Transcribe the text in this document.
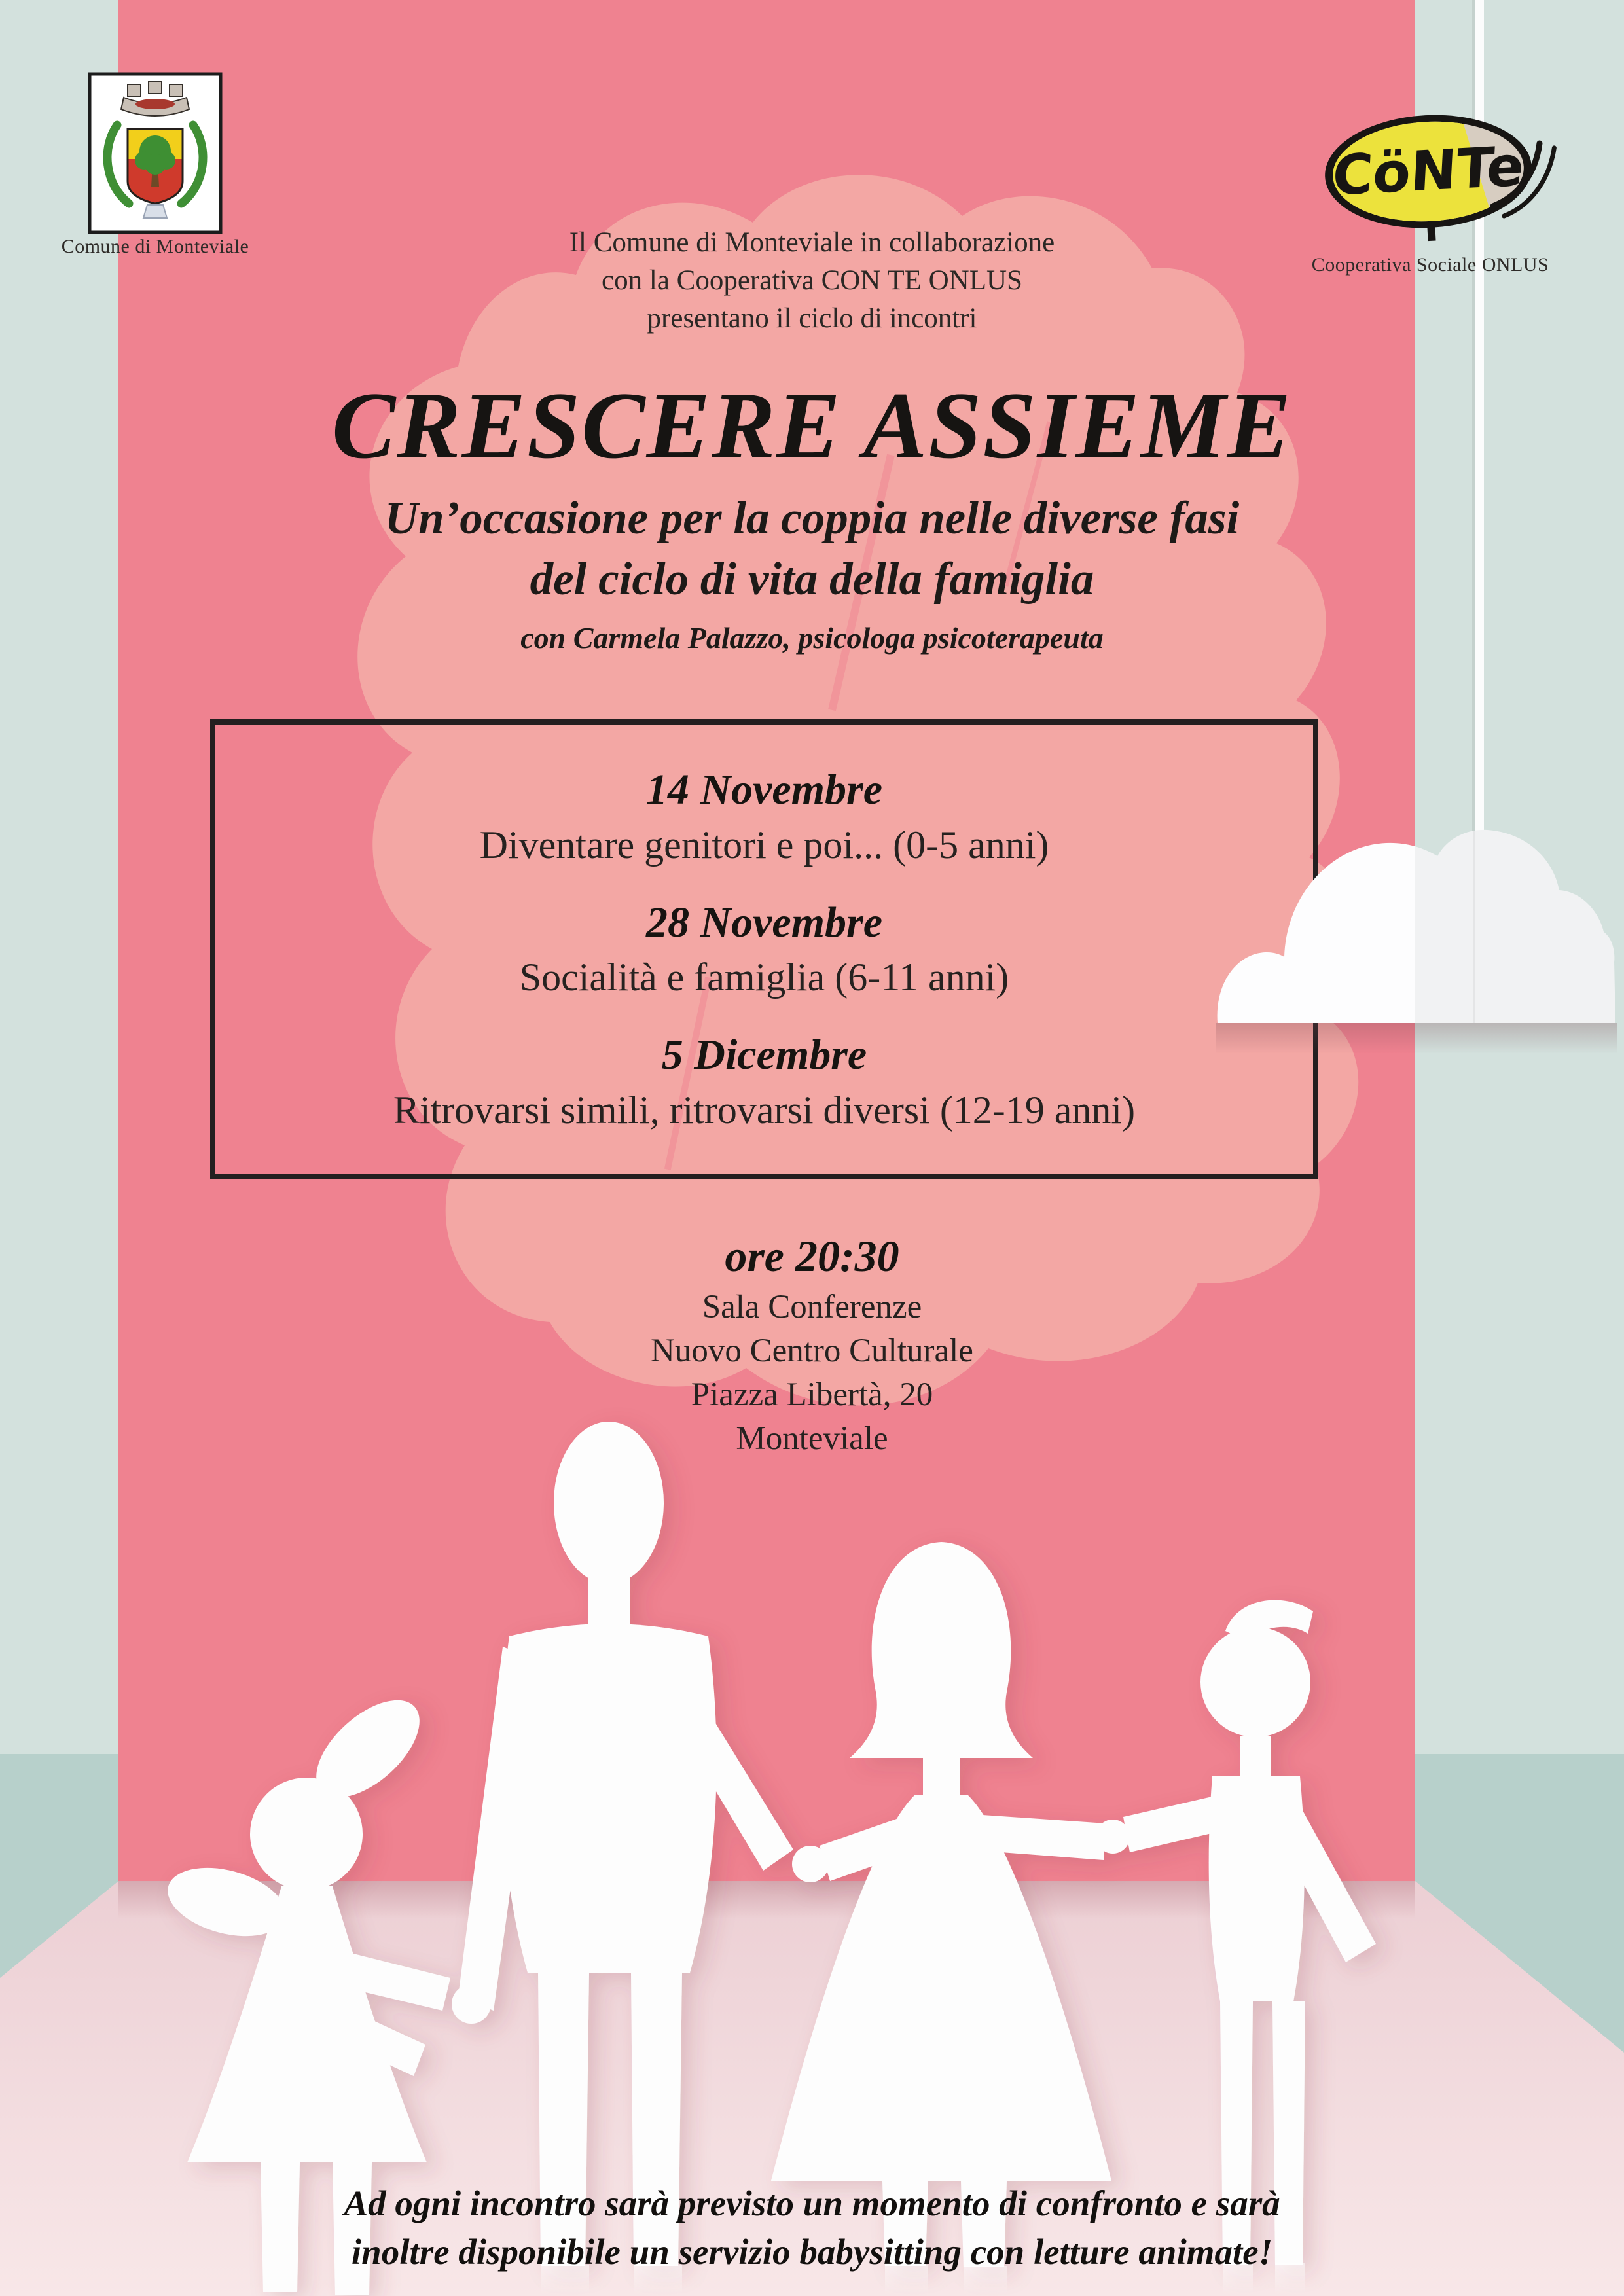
CöNTe
Comune di Monteviale
Cooperativa Sociale ONLUS
Il Comune di Monteviale in collaborazione
con la Cooperativa CON TE ONLUS
presentano il ciclo di incontri
CRESCERE ASSIEME
Un’occasione per la coppia nelle diverse fasi
del ciclo di vita della famiglia
con Carmela Palazzo, psicologa psicoterapeuta
14 Novembre
Diventare genitori e poi... (0-5 anni)
28 Novembre
Socialità e famiglia (6-11 anni)
5 Dicembre
Ritrovarsi simili, ritrovarsi diversi (12-19 anni)
ore 20:30
Sala Conferenze
Nuovo Centro Culturale
Piazza Libertà, 20
Monteviale
Ad ogni incontro sarà previsto un momento di confronto e sarà
inoltre disponibile un servizio babysitting con letture animate!
